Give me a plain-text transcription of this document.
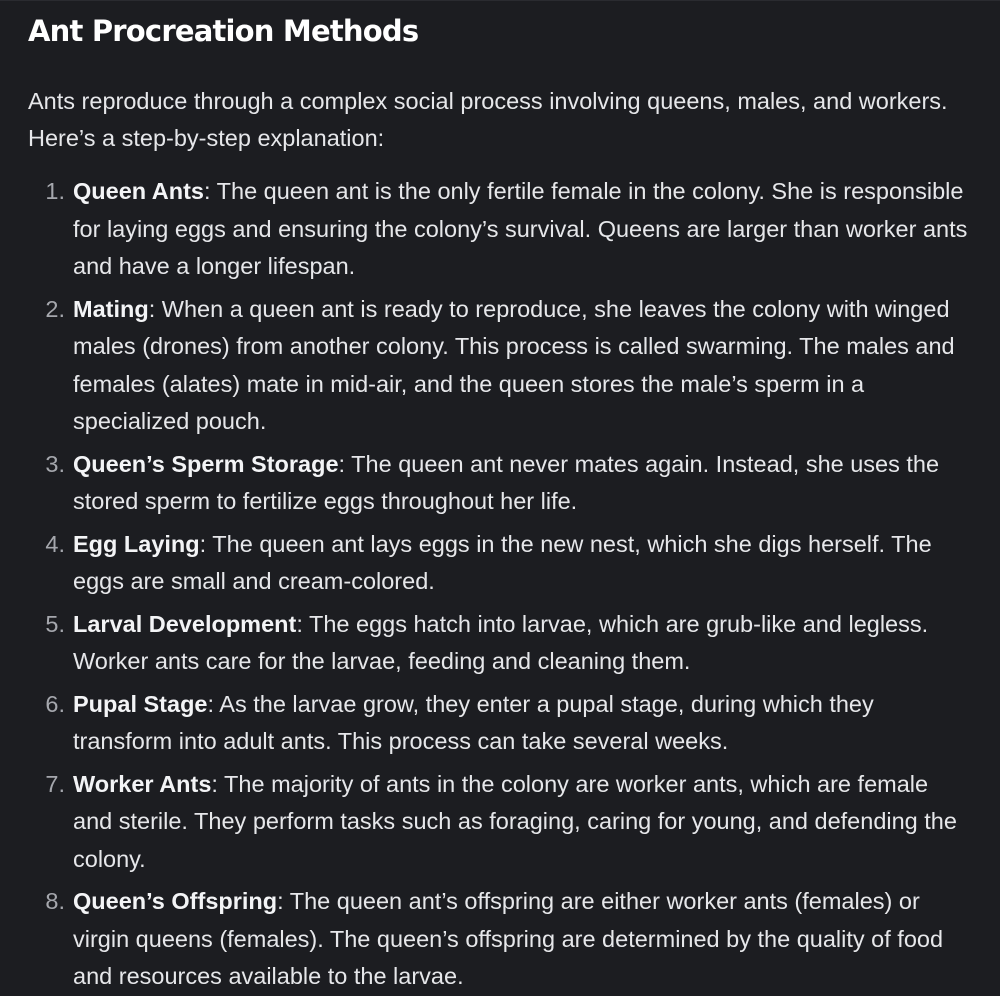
Ant Procreation Methods

Ants reproduce through a complex social process involving queens, males, and workers. Here’s a step-by-step explanation:

1. Queen Ants: The queen ant is the only fertile female in the colony. She is responsible for laying eggs and ensuring the colony’s survival. Queens are larger than worker ants and have a longer lifespan.
2. Mating: When a queen ant is ready to reproduce, she leaves the colony with winged males (drones) from another colony. This process is called swarming. The males and females (alates) mate in mid-air, and the queen stores the male’s sperm in a specialized pouch.
3. Queen’s Sperm Storage: The queen ant never mates again. Instead, she uses the stored sperm to fertilize eggs throughout her life.
4. Egg Laying: The queen ant lays eggs in the new nest, which she digs herself. The eggs are small and cream-colored.
5. Larval Development: The eggs hatch into larvae, which are grub-like and legless. Worker ants care for the larvae, feeding and cleaning them.
6. Pupal Stage: As the larvae grow, they enter a pupal stage, during which they transform into adult ants. This process can take several weeks.
7. Worker Ants: The majority of ants in the colony are worker ants, which are female and sterile. They perform tasks such as foraging, caring for young, and defending the colony.
8. Queen’s Offspring: The queen ant’s offspring are either worker ants (females) or virgin queens (females). The queen’s offspring are determined by the quality of food and resources available to the larvae.
